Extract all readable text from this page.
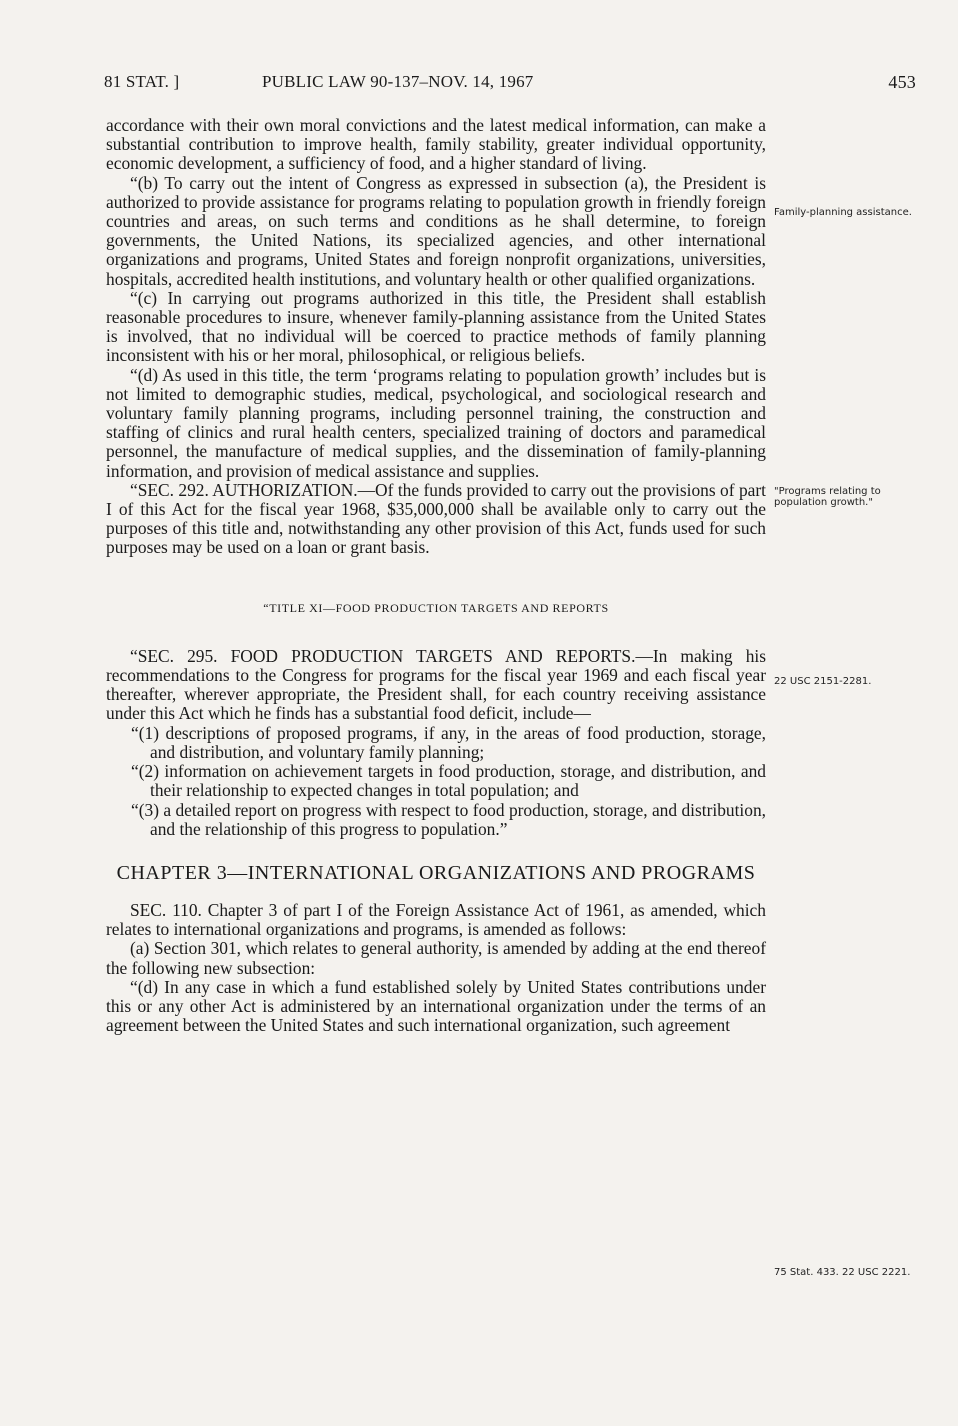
81 STAT. ]	PUBLIC LAW 90-137–NOV. 14, 1967	453

accordance with their own moral convictions and the latest medical information, can make a substantial contribution to improve health, family stability, greater individual opportunity, economic development, a sufficiency of food, and a higher standard of living.

“(b) To carry out the intent of Congress as expressed in subsection (a), the President is authorized to provide assistance for programs relating to population growth in friendly foreign countries and areas, on such terms and conditions as he shall determine, to foreign governments, the United Nations, its specialized agencies, and other international organizations and programs, United States and foreign nonprofit organizations, universities, hospitals, accredited health institutions, and voluntary health or other qualified organizations.

“(c) In carrying out programs authorized in this title, the President shall establish reasonable procedures to insure, whenever family-planning assistance from the United States is involved, that no individual will be coerced to practice methods of family planning inconsistent with his or her moral, philosophical, or religious beliefs.

“(d) As used in this title, the term ‘programs relating to population growth’ includes but is not limited to demographic studies, medical, psychological, and sociological research and voluntary family planning programs, including personnel training, the construction and staffing of clinics and rural health centers, specialized training of doctors and paramedical personnel, the manufacture of medical supplies, and the dissemination of family-planning information, and provision of medical assistance and supplies.

“SEC. 292. AUTHORIZATION.—Of the funds provided to carry out the provisions of part I of this Act for the fiscal year 1968, $35,000,000 shall be available only to carry out the purposes of this title and, notwithstanding any other provision of this Act, funds used for such purposes may be used on a loan or grant basis.

“TITLE XI—FOOD PRODUCTION TARGETS AND REPORTS

“SEC. 295. FOOD PRODUCTION TARGETS AND REPORTS.—In making his recommendations to the Congress for programs for the fiscal year 1969 and each fiscal year thereafter, wherever appropriate, the President shall, for each country receiving assistance under this Act which he finds has a substantial food deficit, include—

“(1) descriptions of proposed programs, if any, in the areas of food production, storage, and distribution, and voluntary family planning;

“(2) information on achievement targets in food production, storage, and distribution, and their relationship to expected changes in total population; and

“(3) a detailed report on progress with respect to food production, storage, and distribution, and the relationship of this progress to population.”

CHAPTER 3—INTERNATIONAL ORGANIZATIONS AND PROGRAMS

SEC. 110. Chapter 3 of part I of the Foreign Assistance Act of 1961, as amended, which relates to international organizations and programs, is amended as follows:

(a) Section 301, which relates to general authority, is amended by adding at the end thereof the following new subsection:

“(d) In any case in which a fund established solely by United States contributions under this or any other Act is administered by an international organization under the terms of an agreement between the United States and such international organization, such agreement

Family-planning assistance.
"Programs relating to population growth."
22 USC 2151-2281.
75 Stat. 433. 22 USC 2221.
